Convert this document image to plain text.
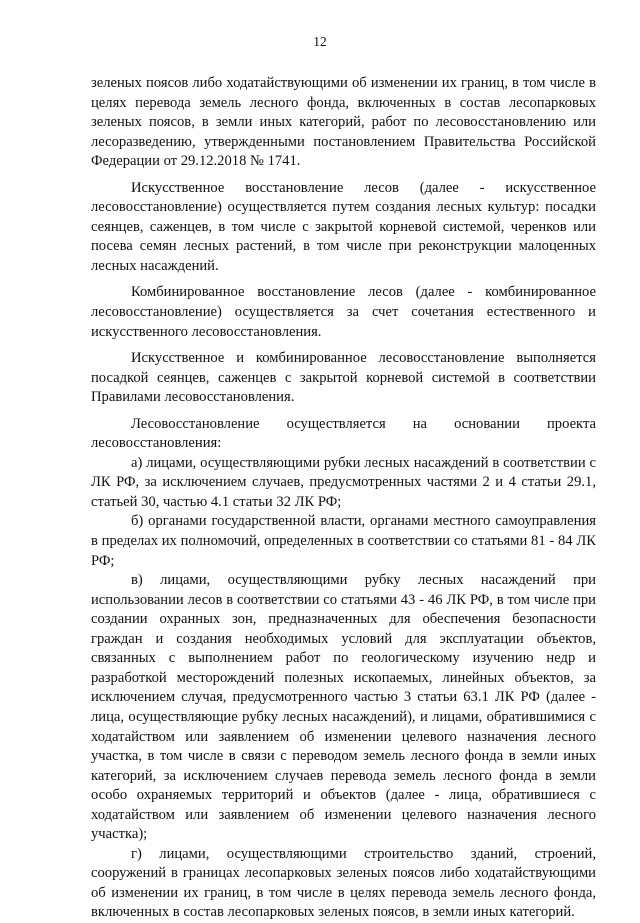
12

зеленых поясов либо ходатайствующими об изменении их границ, в том числе в целях перевода земель лесного фонда, включенных в состав лесопарковых зеленых поясов, в земли иных категорий, работ по лесовосстановлению или лесоразведению, утвержденными постановлением Правительства Российской Федерации от 29.12.2018 № 1741.

Искусственное восстановление лесов (далее - искусственное лесовосстановление) осуществляется путем создания лесных культур: посадки сеянцев, саженцев, в том числе с закрытой корневой системой, черенков или посева семян лесных растений, в том числе при реконструкции малоценных лесных насаждений.

Комбинированное восстановление лесов (далее - комбинированное лесовосстановление) осуществляется за счет сочетания естественного и искусственного лесовосстановления.

Искусственное и комбинированное лесовосстановление выполняется посадкой сеянцев, саженцев с закрытой корневой системой в соответствии Правилами лесовосстановления.

Лесовосстановление осуществляется на основании проекта лесовосстановления:

а) лицами, осуществляющими рубки лесных насаждений в соответствии с ЛК РФ, за исключением случаев, предусмотренных частями 2 и 4 статьи 29.1, статьей 30, частью 4.1 статьи 32 ЛК РФ;

б) органами государственной власти, органами местного самоуправления в пределах их полномочий, определенных в соответствии со статьями 81 - 84 ЛК РФ;

в) лицами, осуществляющими рубку лесных насаждений при использовании лесов в соответствии со статьями 43 - 46 ЛК РФ, в том числе при создании охранных зон, предназначенных для обеспечения безопасности граждан и создания необходимых условий для эксплуатации объектов, связанных с выполнением работ по геологическому изучению недр и разработкой месторождений полезных ископаемых, линейных объектов, за исключением случая, предусмотренного частью 3 статьи 63.1 ЛК РФ (далее - лица, осуществляющие рубку лесных насаждений), и лицами, обратившимися с ходатайством или заявлением об изменении целевого назначения лесного участка, в том числе в связи с переводом земель лесного фонда в земли иных категорий, за исключением случаев перевода земель лесного фонда в земли особо охраняемых территорий и объектов (далее - лица, обратившиеся с ходатайством или заявлением об изменении целевого назначения лесного участка);

г) лицами, осуществляющими строительство зданий, строений, сооружений в границах лесопарковых зеленых поясов либо ходатайствующими об изменении их границ, в том числе в целях перевода земель лесного фонда, включенных в состав лесопарковых зеленых поясов, в земли иных категорий.
